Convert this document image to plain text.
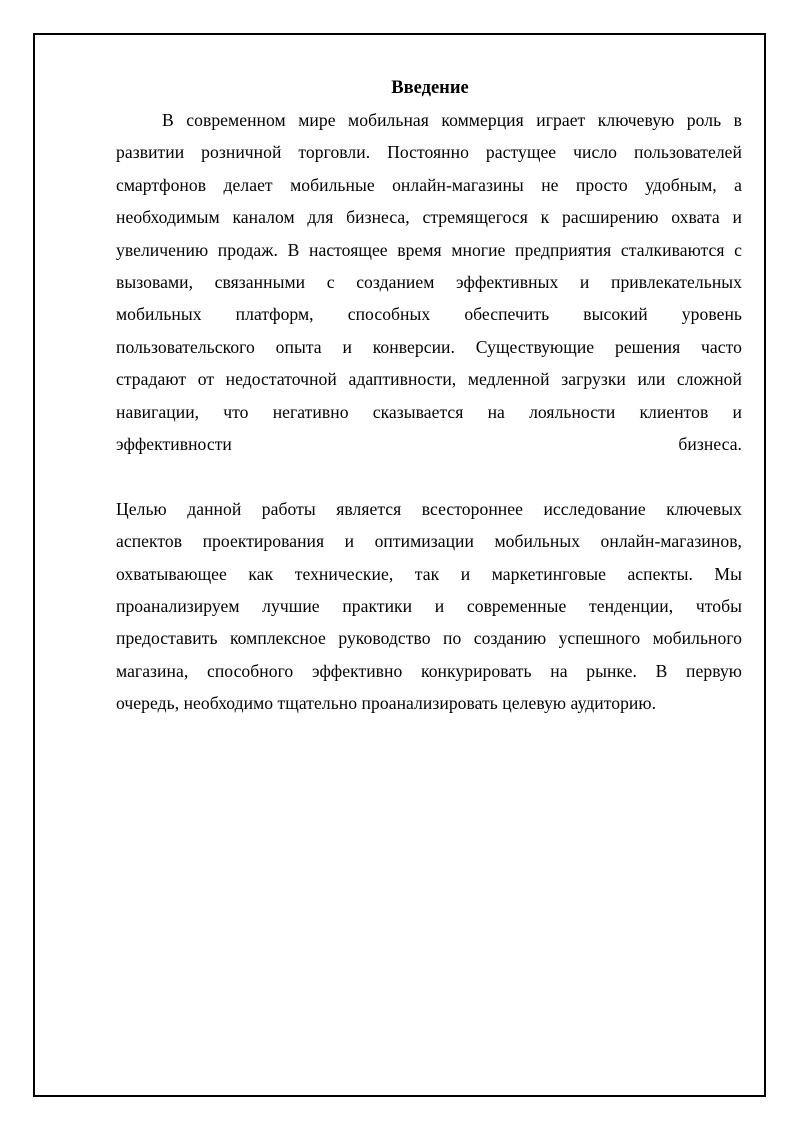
Введение
В современном мире мобильная коммерция играет ключевую роль в
развитии розничной торговли. Постоянно растущее число пользователей
смартфонов делает мобильные онлайн-магазины не просто удобным, а
необходимым каналом для бизнеса, стремящегося к расширению охвата и
увеличению продаж. В настоящее время многие предприятия сталкиваются с
вызовами, связанными с созданием эффективных и привлекательных
мобильных платформ, способных обеспечить высокий уровень
пользовательского опыта и конверсии. Существующие решения часто
страдают от недостаточной адаптивности, медленной загрузки или сложной
навигации, что негативно сказывается на лояльности клиентов и
эффективности бизнеса.
Целью данной работы является всестороннее исследование ключевых
аспектов проектирования и оптимизации мобильных онлайн-магазинов,
охватывающее как технические, так и маркетинговые аспекты. Мы
проанализируем лучшие практики и современные тенденции, чтобы
предоставить комплексное руководство по созданию успешного мобильного
магазина, способного эффективно конкурировать на рынке. В первую
очередь, необходимо тщательно проанализировать целевую аудиторию.
